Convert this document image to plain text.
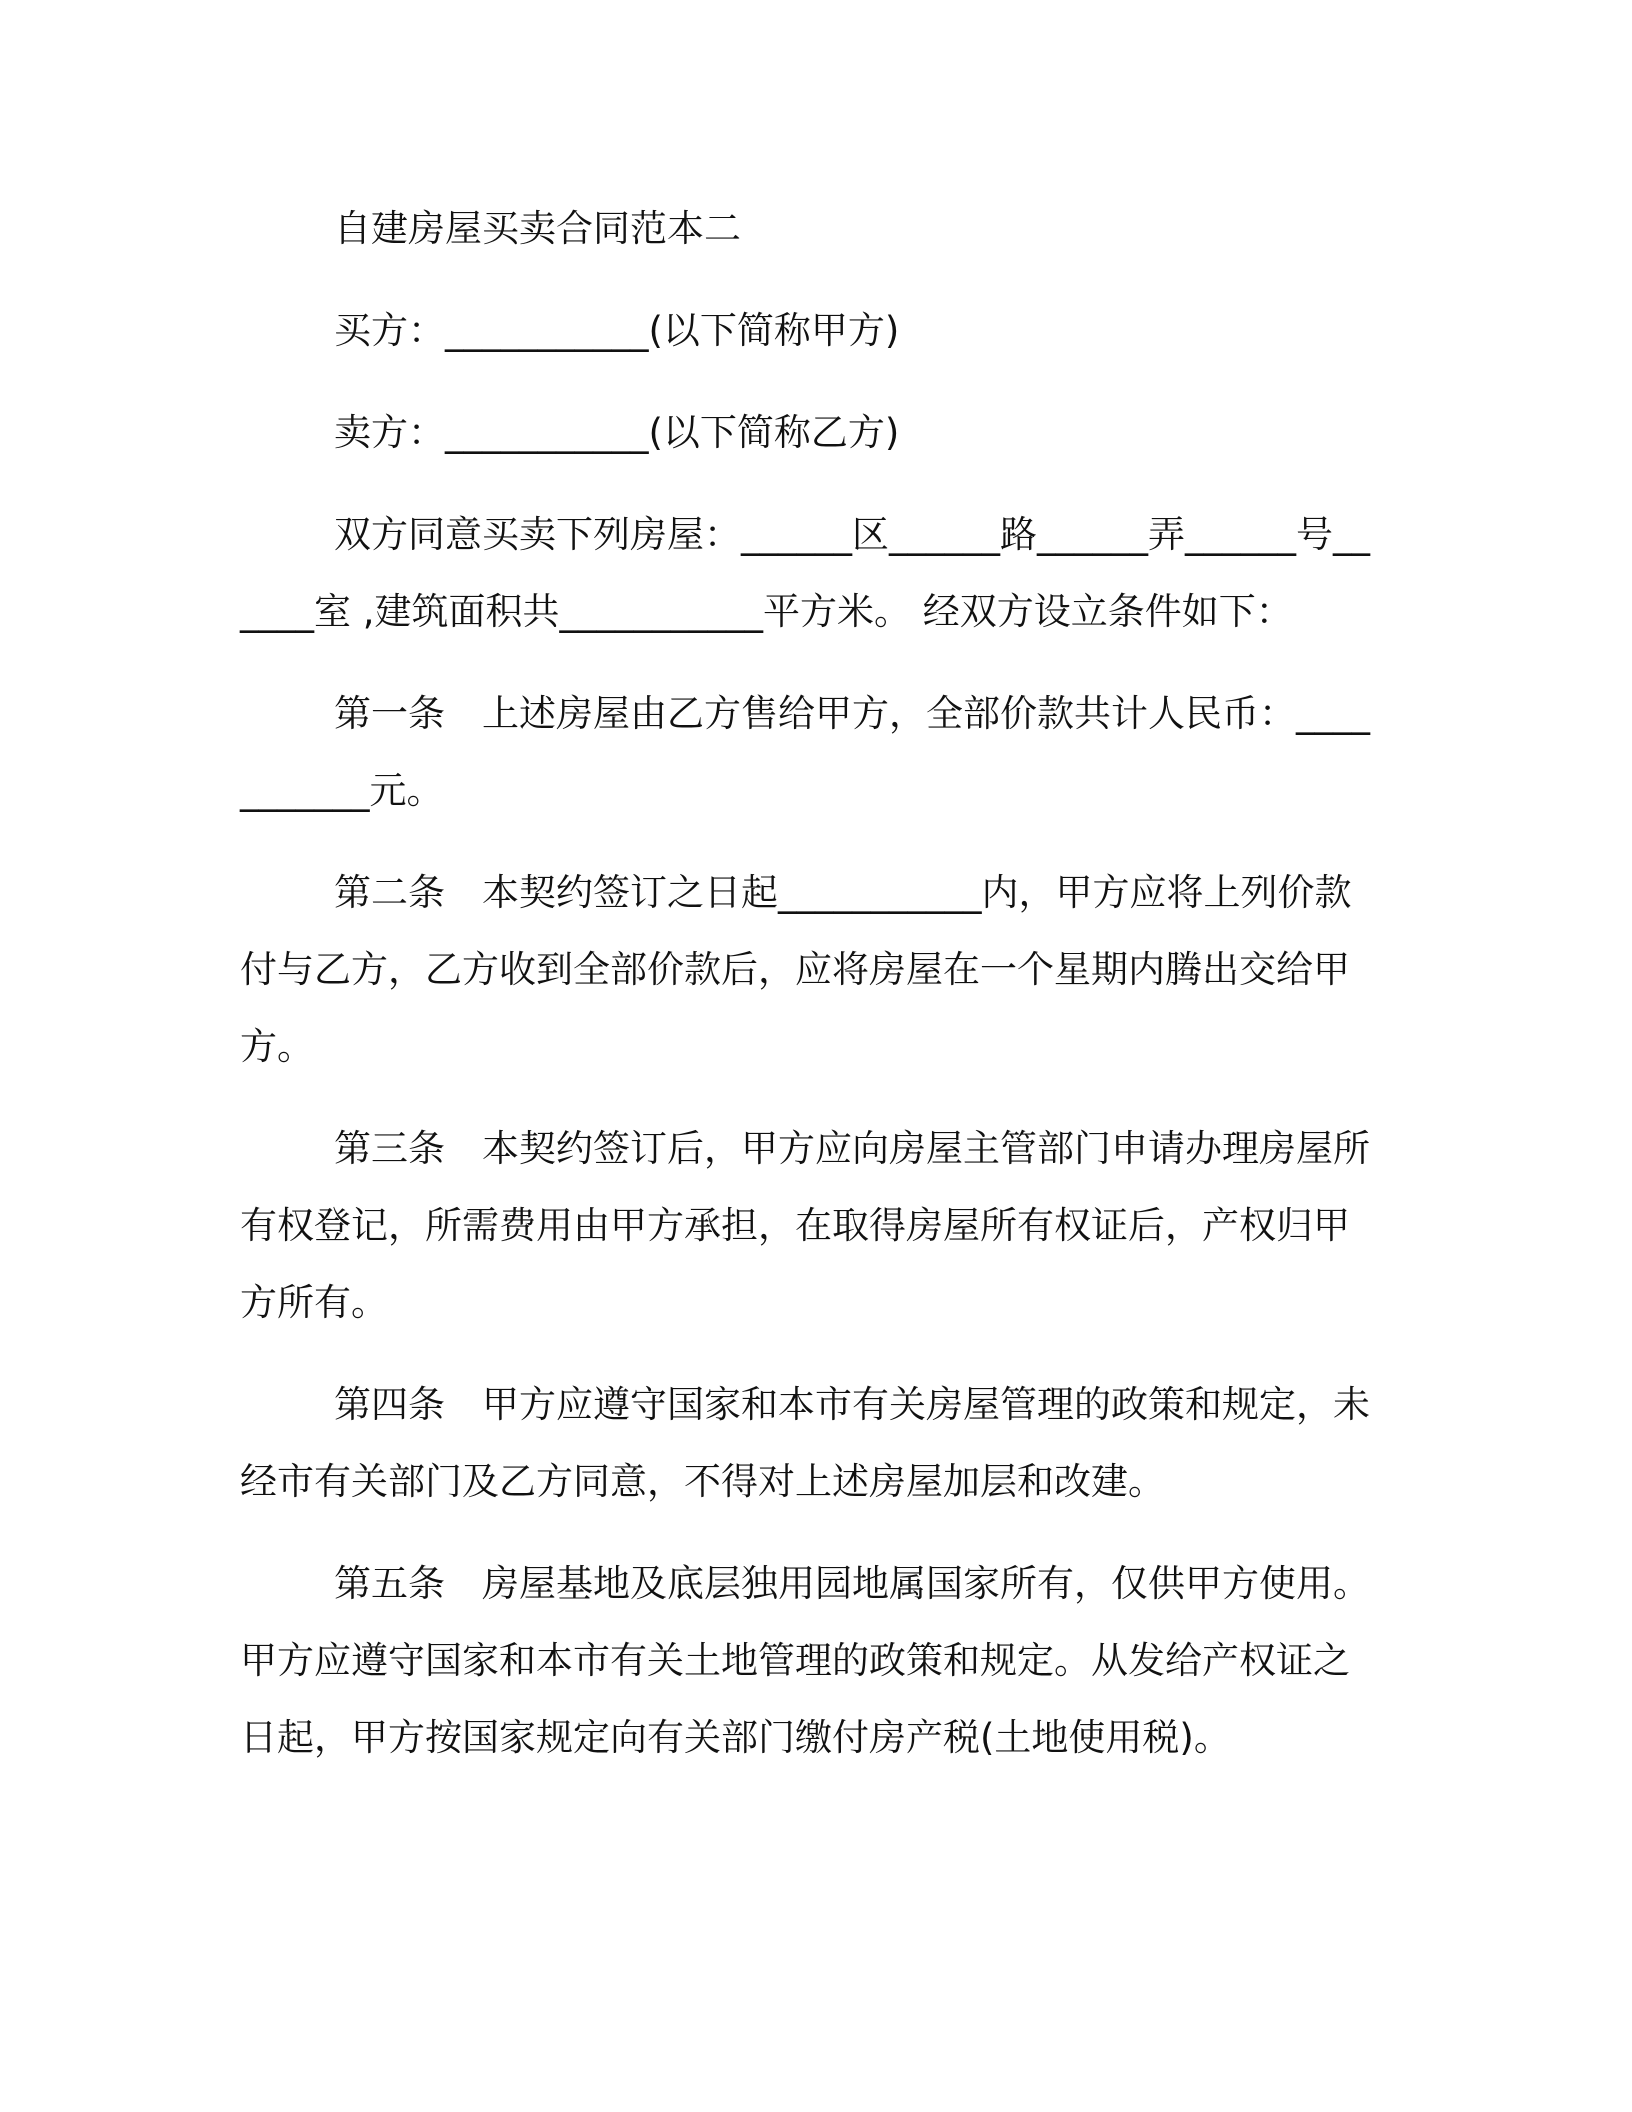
自建房屋买卖合同范本二

买方：___________(以下简称甲方)

卖方：___________(以下简称乙方)

双方同意买卖下列房屋：______区______路______弄______号______室 ,建筑面积共___________平方米。 经双方设立条件如下：

第一条 上述房屋由乙方售给甲方，全部价款共计人民币：___________元。

第二条 本契约签订之日起___________内，甲方应将上列价款付与乙方，乙方收到全部价款后，应将房屋在一个星期内腾出交给甲方。

第三条 本契约签订后，甲方应向房屋主管部门申请办理房屋所有权登记，所需费用由甲方承担，在取得房屋所有权证后，产权归甲方所有。

第四条 甲方应遵守国家和本市有关房屋管理的政策和规定，未经市有关部门及乙方同意，不得对上述房屋加层和改建。

第五条 房屋基地及底层独用园地属国家所有，仅供甲方使用。甲方应遵守国家和本市有关土地管理的政策和规定。从发给产权证之日起，甲方按国家规定向有关部门缴付房产税(土地使用税)。
